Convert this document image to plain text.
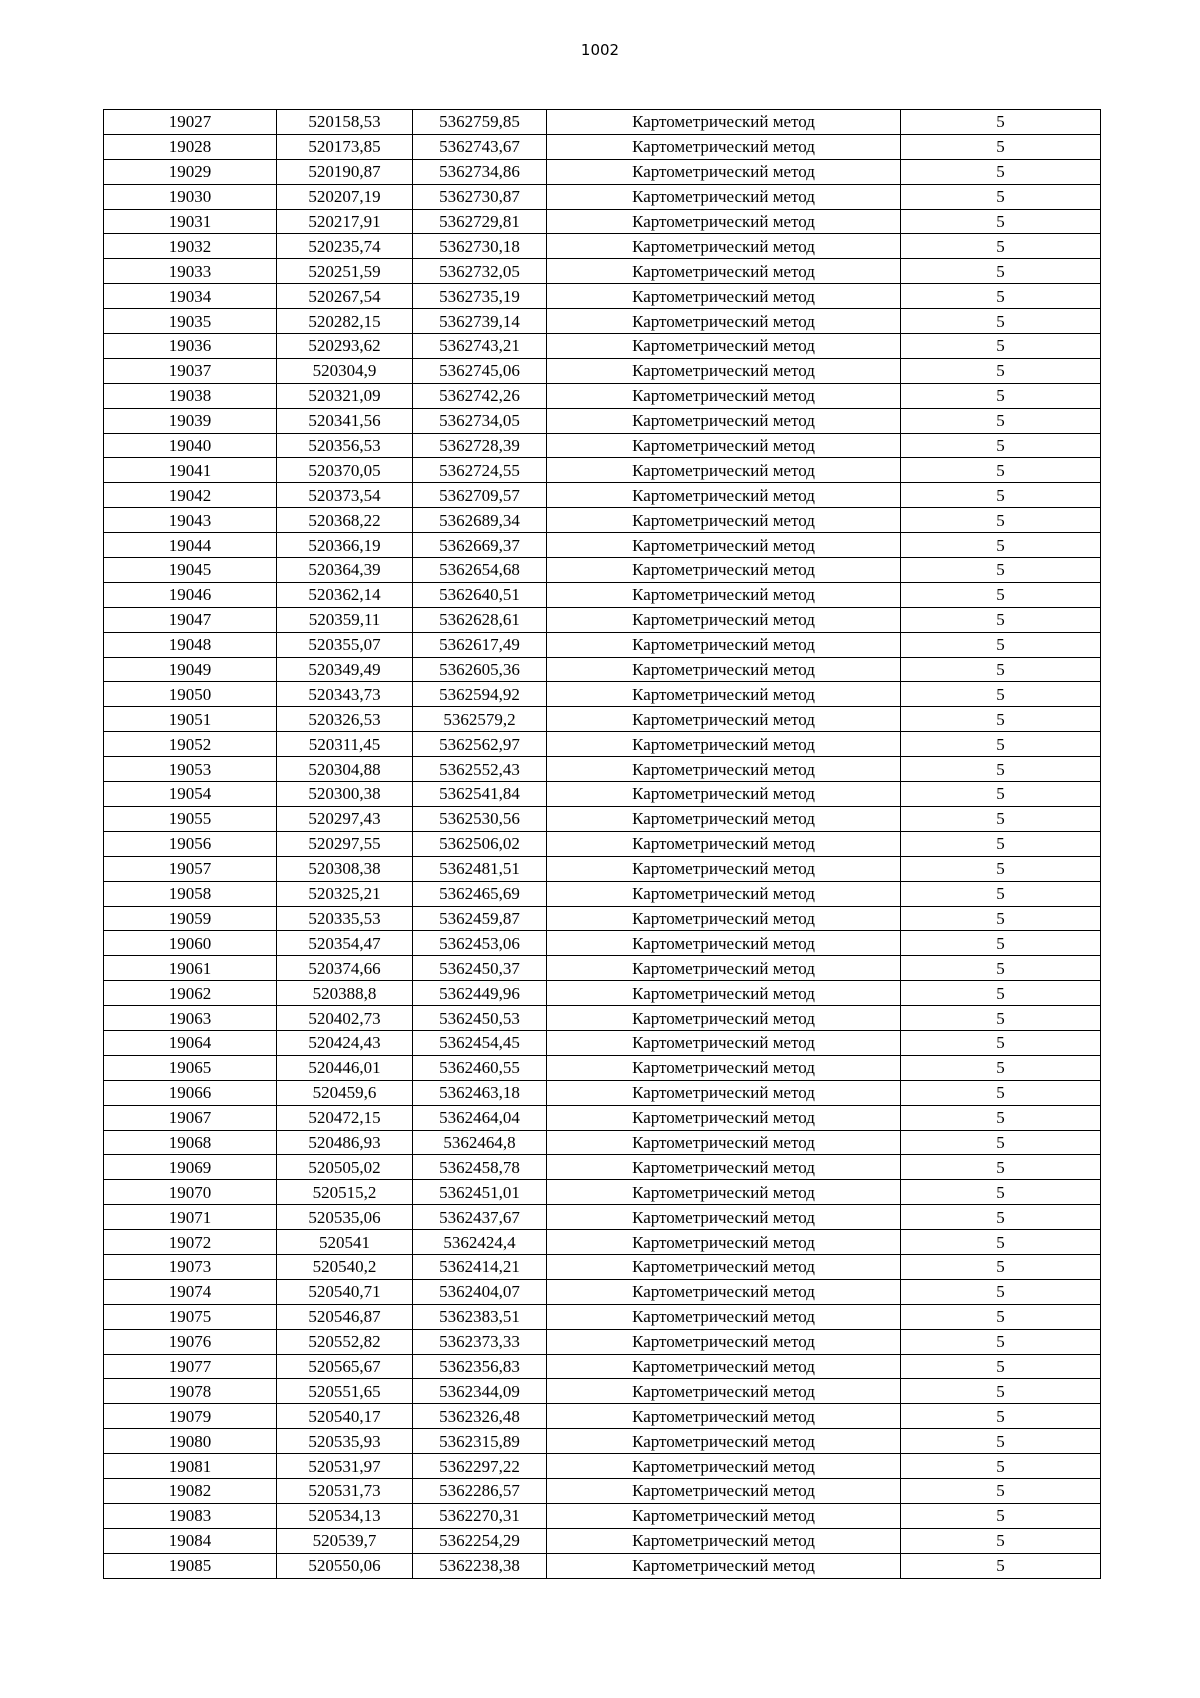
1002
19027	520158,53	5362759,85	Картометрический метод	5
19028	520173,85	5362743,67	Картометрический метод	5
19029	520190,87	5362734,86	Картометрический метод	5
19030	520207,19	5362730,87	Картометрический метод	5
19031	520217,91	5362729,81	Картометрический метод	5
19032	520235,74	5362730,18	Картометрический метод	5
19033	520251,59	5362732,05	Картометрический метод	5
19034	520267,54	5362735,19	Картометрический метод	5
19035	520282,15	5362739,14	Картометрический метод	5
19036	520293,62	5362743,21	Картометрический метод	5
19037	520304,9	5362745,06	Картометрический метод	5
19038	520321,09	5362742,26	Картометрический метод	5
19039	520341,56	5362734,05	Картометрический метод	5
19040	520356,53	5362728,39	Картометрический метод	5
19041	520370,05	5362724,55	Картометрический метод	5
19042	520373,54	5362709,57	Картометрический метод	5
19043	520368,22	5362689,34	Картометрический метод	5
19044	520366,19	5362669,37	Картометрический метод	5
19045	520364,39	5362654,68	Картометрический метод	5
19046	520362,14	5362640,51	Картометрический метод	5
19047	520359,11	5362628,61	Картометрический метод	5
19048	520355,07	5362617,49	Картометрический метод	5
19049	520349,49	5362605,36	Картометрический метод	5
19050	520343,73	5362594,92	Картометрический метод	5
19051	520326,53	5362579,2	Картометрический метод	5
19052	520311,45	5362562,97	Картометрический метод	5
19053	520304,88	5362552,43	Картометрический метод	5
19054	520300,38	5362541,84	Картометрический метод	5
19055	520297,43	5362530,56	Картометрический метод	5
19056	520297,55	5362506,02	Картометрический метод	5
19057	520308,38	5362481,51	Картометрический метод	5
19058	520325,21	5362465,69	Картометрический метод	5
19059	520335,53	5362459,87	Картометрический метод	5
19060	520354,47	5362453,06	Картометрический метод	5
19061	520374,66	5362450,37	Картометрический метод	5
19062	520388,8	5362449,96	Картометрический метод	5
19063	520402,73	5362450,53	Картометрический метод	5
19064	520424,43	5362454,45	Картометрический метод	5
19065	520446,01	5362460,55	Картометрический метод	5
19066	520459,6	5362463,18	Картометрический метод	5
19067	520472,15	5362464,04	Картометрический метод	5
19068	520486,93	5362464,8	Картометрический метод	5
19069	520505,02	5362458,78	Картометрический метод	5
19070	520515,2	5362451,01	Картометрический метод	5
19071	520535,06	5362437,67	Картометрический метод	5
19072	520541	5362424,4	Картометрический метод	5
19073	520540,2	5362414,21	Картометрический метод	5
19074	520540,71	5362404,07	Картометрический метод	5
19075	520546,87	5362383,51	Картометрический метод	5
19076	520552,82	5362373,33	Картометрический метод	5
19077	520565,67	5362356,83	Картометрический метод	5
19078	520551,65	5362344,09	Картометрический метод	5
19079	520540,17	5362326,48	Картометрический метод	5
19080	520535,93	5362315,89	Картометрический метод	5
19081	520531,97	5362297,22	Картометрический метод	5
19082	520531,73	5362286,57	Картометрический метод	5
19083	520534,13	5362270,31	Картометрический метод	5
19084	520539,7	5362254,29	Картометрический метод	5
19085	520550,06	5362238,38	Картометрический метод	5
